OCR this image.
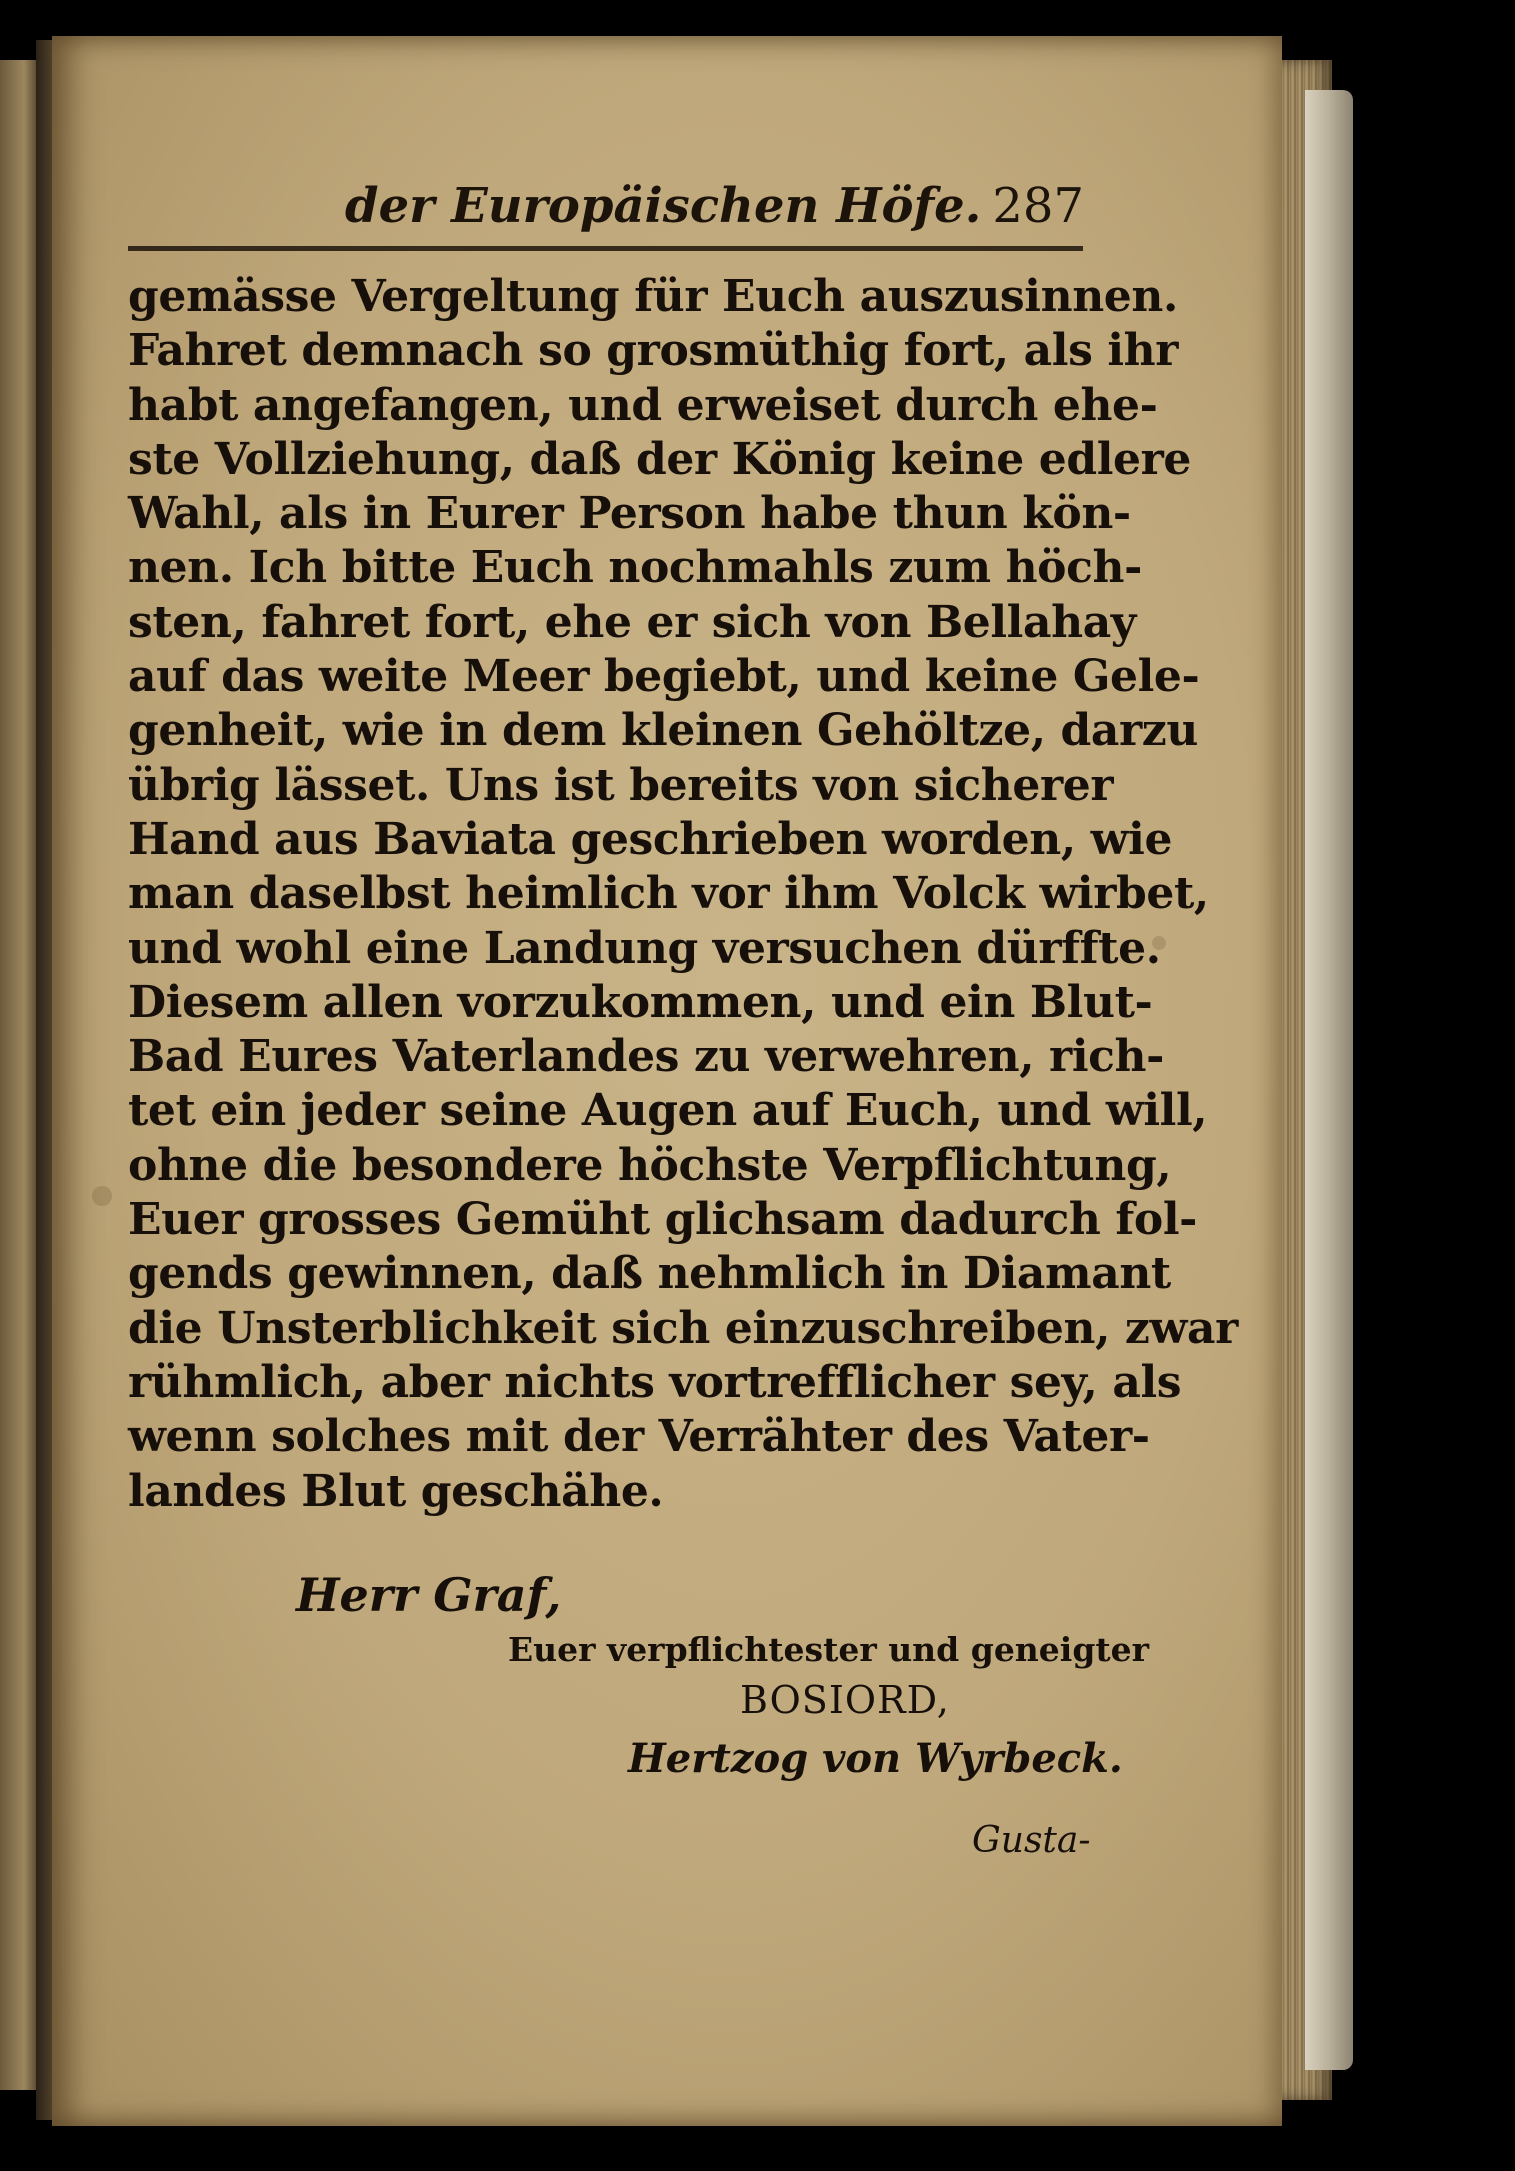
der Europäischen Höfe. 287
gemässe Vergeltung für Euch auszusinnen.
Fahret demnach so grosmüthig fort, als ihr
habt angefangen, und erweiset durch ehe-
ste Vollziehung, daß der König keine edlere
Wahl, als in Eurer Person habe thun kön-
nen. Ich bitte Euch nochmahls zum höch-
sten, fahret fort, ehe er sich von Bellahay
auf das weite Meer begiebt, und keine Gele-
genheit, wie in dem kleinen Gehöltze, darzu
übrig lässet. Uns ist bereits von sicherer
Hand aus Baviata geschrieben worden, wie
man daselbst heimlich vor ihm Volck wirbet,
und wohl eine Landung versuchen dürffte.
Diesem allen vorzukommen, und ein Blut-
Bad Eures Vaterlandes zu verwehren, rich-
tet ein jeder seine Augen auf Euch, und will,
ohne die besondere höchste Verpflichtung,
Euer grosses Gemüht glichsam dadurch fol-
gends gewinnen, daß nehmlich in Diamant
die Unsterblichkeit sich einzuschreiben, zwar
rühmlich, aber nichts vortrefflicher sey, als
wenn solches mit der Verrähter des Vater-
landes Blut geschähe.
Herr Graf,
Euer verpflichtester und geneigter
BOSIORD,
Hertzog von Wyrbeck.
Gusta-
